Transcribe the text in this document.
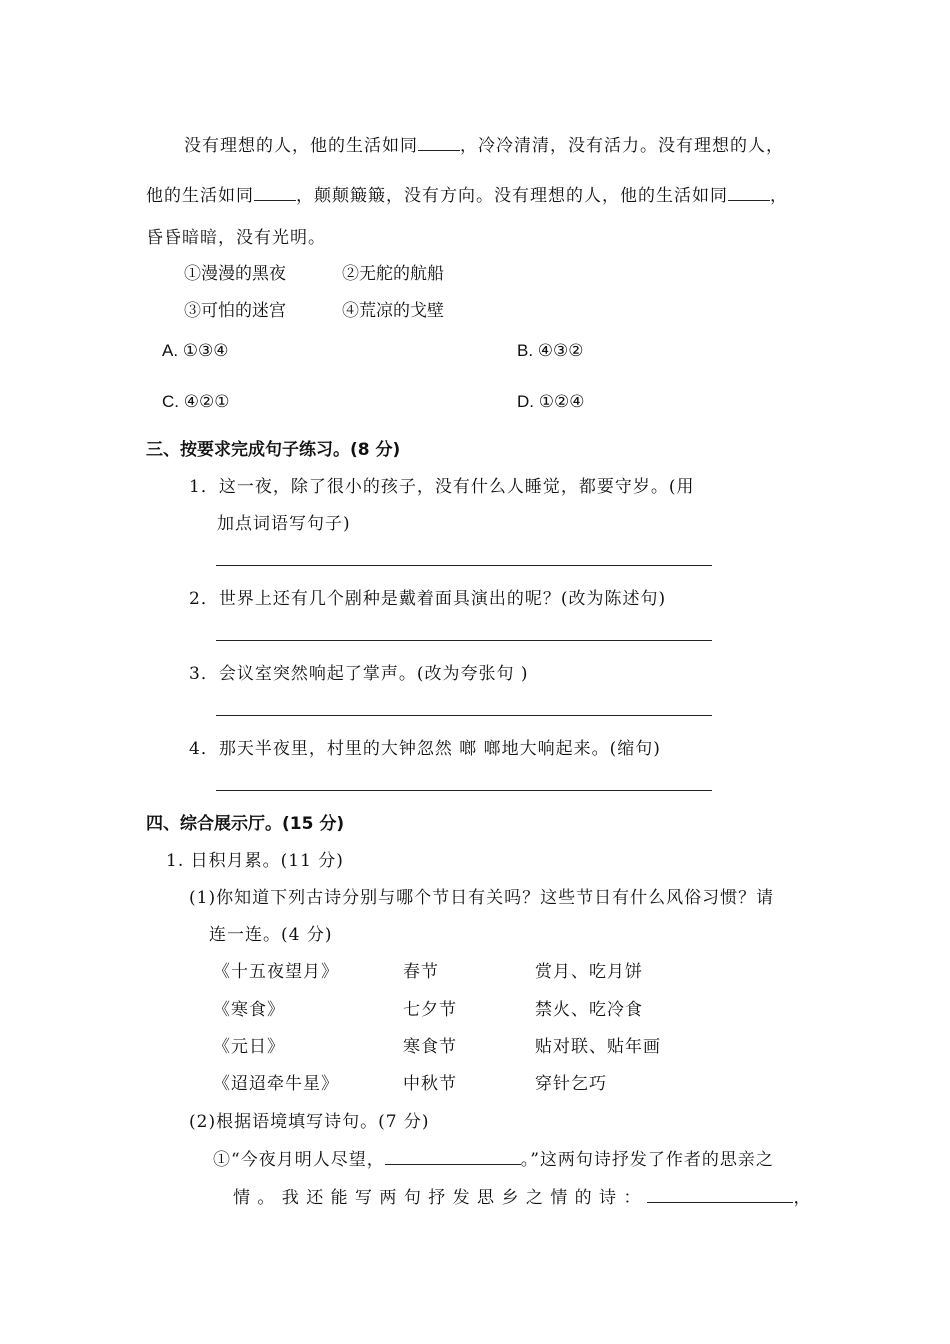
没有理想的人，他的生活如同 ，冷冷清清，没有活力。没有理想的人，
他的生活如同 ，颠颠簸簸，没有方向。没有理想的人，他的生活如同 ，
昏昏暗暗，没有光明。
①漫漫的黑夜	②无舵的航船
③可怕的迷宫	④荒凉的戈壁
A. ①③④	B. ④③②
C. ④②①	D. ①②④
三、按要求完成句子练习。(8 分)
1．这一夜，除了很小的孩子，没有什么人睡觉，都要守岁。(用
加点词语写句子)
2．世界上还有几个剧种是戴着面具演出的呢？(改为陈述句)
3．会议室突然响起了掌声。(改为夸张句 )
4．那天半夜里，村里的大钟忽然 啷 啷地大响起来。(缩句)
四、综合展示厅。(15 分)
1. 日积月累。(11 分)
(1)你知道下列古诗分别与哪个节日有关吗？这些节日有什么风俗习惯？请
连一连。(4 分)
《十五夜望月》	春节	赏月、吃月饼
《寒食》	七夕节	禁火、吃冷食
《元日》	寒食节	贴对联、贴年画
《迢迢牵牛星》	中秋节	穿针乞巧
(2)根据语境填写诗句。(7 分)
①“今夜月明人尽望，	。”这两句诗抒发了作者的思亲之
情 。 我 还 能 写 两 句 抒 发 思 乡 之 情 的 诗 ：	，
